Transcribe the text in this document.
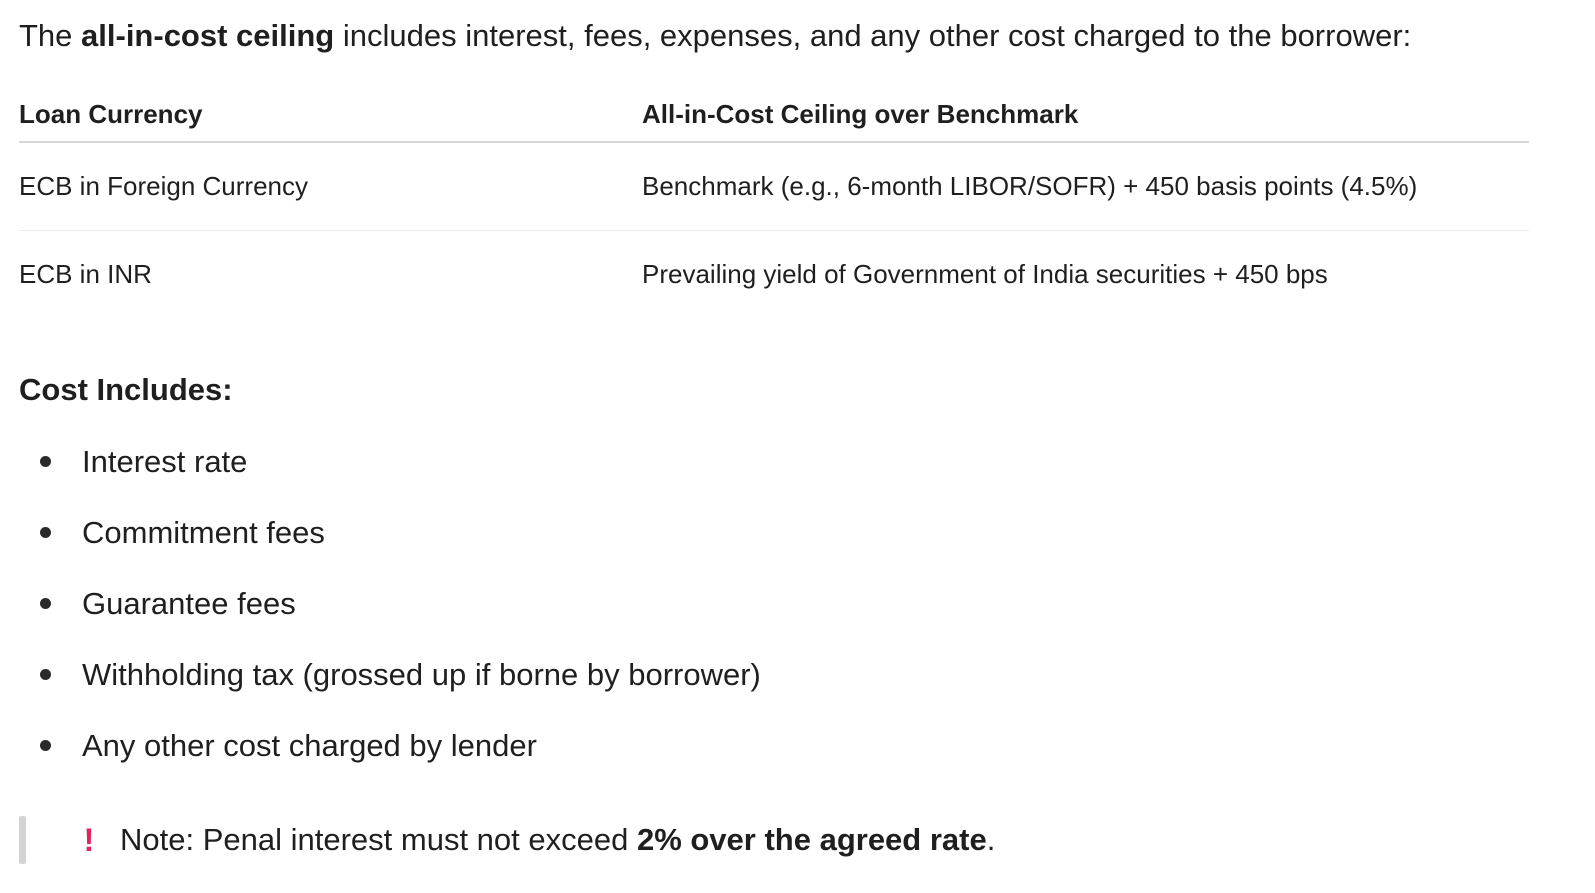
The all-in-cost ceiling includes interest, fees, expenses, and any other cost charged to the borrower:
Loan Currency	All-in-Cost Ceiling over Benchmark
ECB in Foreign Currency	Benchmark (e.g., 6-month LIBOR/SOFR) + 450 basis points (4.5%)
ECB in INR	Prevailing yield of Government of India securities + 450 bps
Cost Includes:
Interest rate
Commitment fees
Guarantee fees
Withholding tax (grossed up if borne by borrower)
Any other cost charged by lender
! Note: Penal interest must not exceed 2% over the agreed rate.
